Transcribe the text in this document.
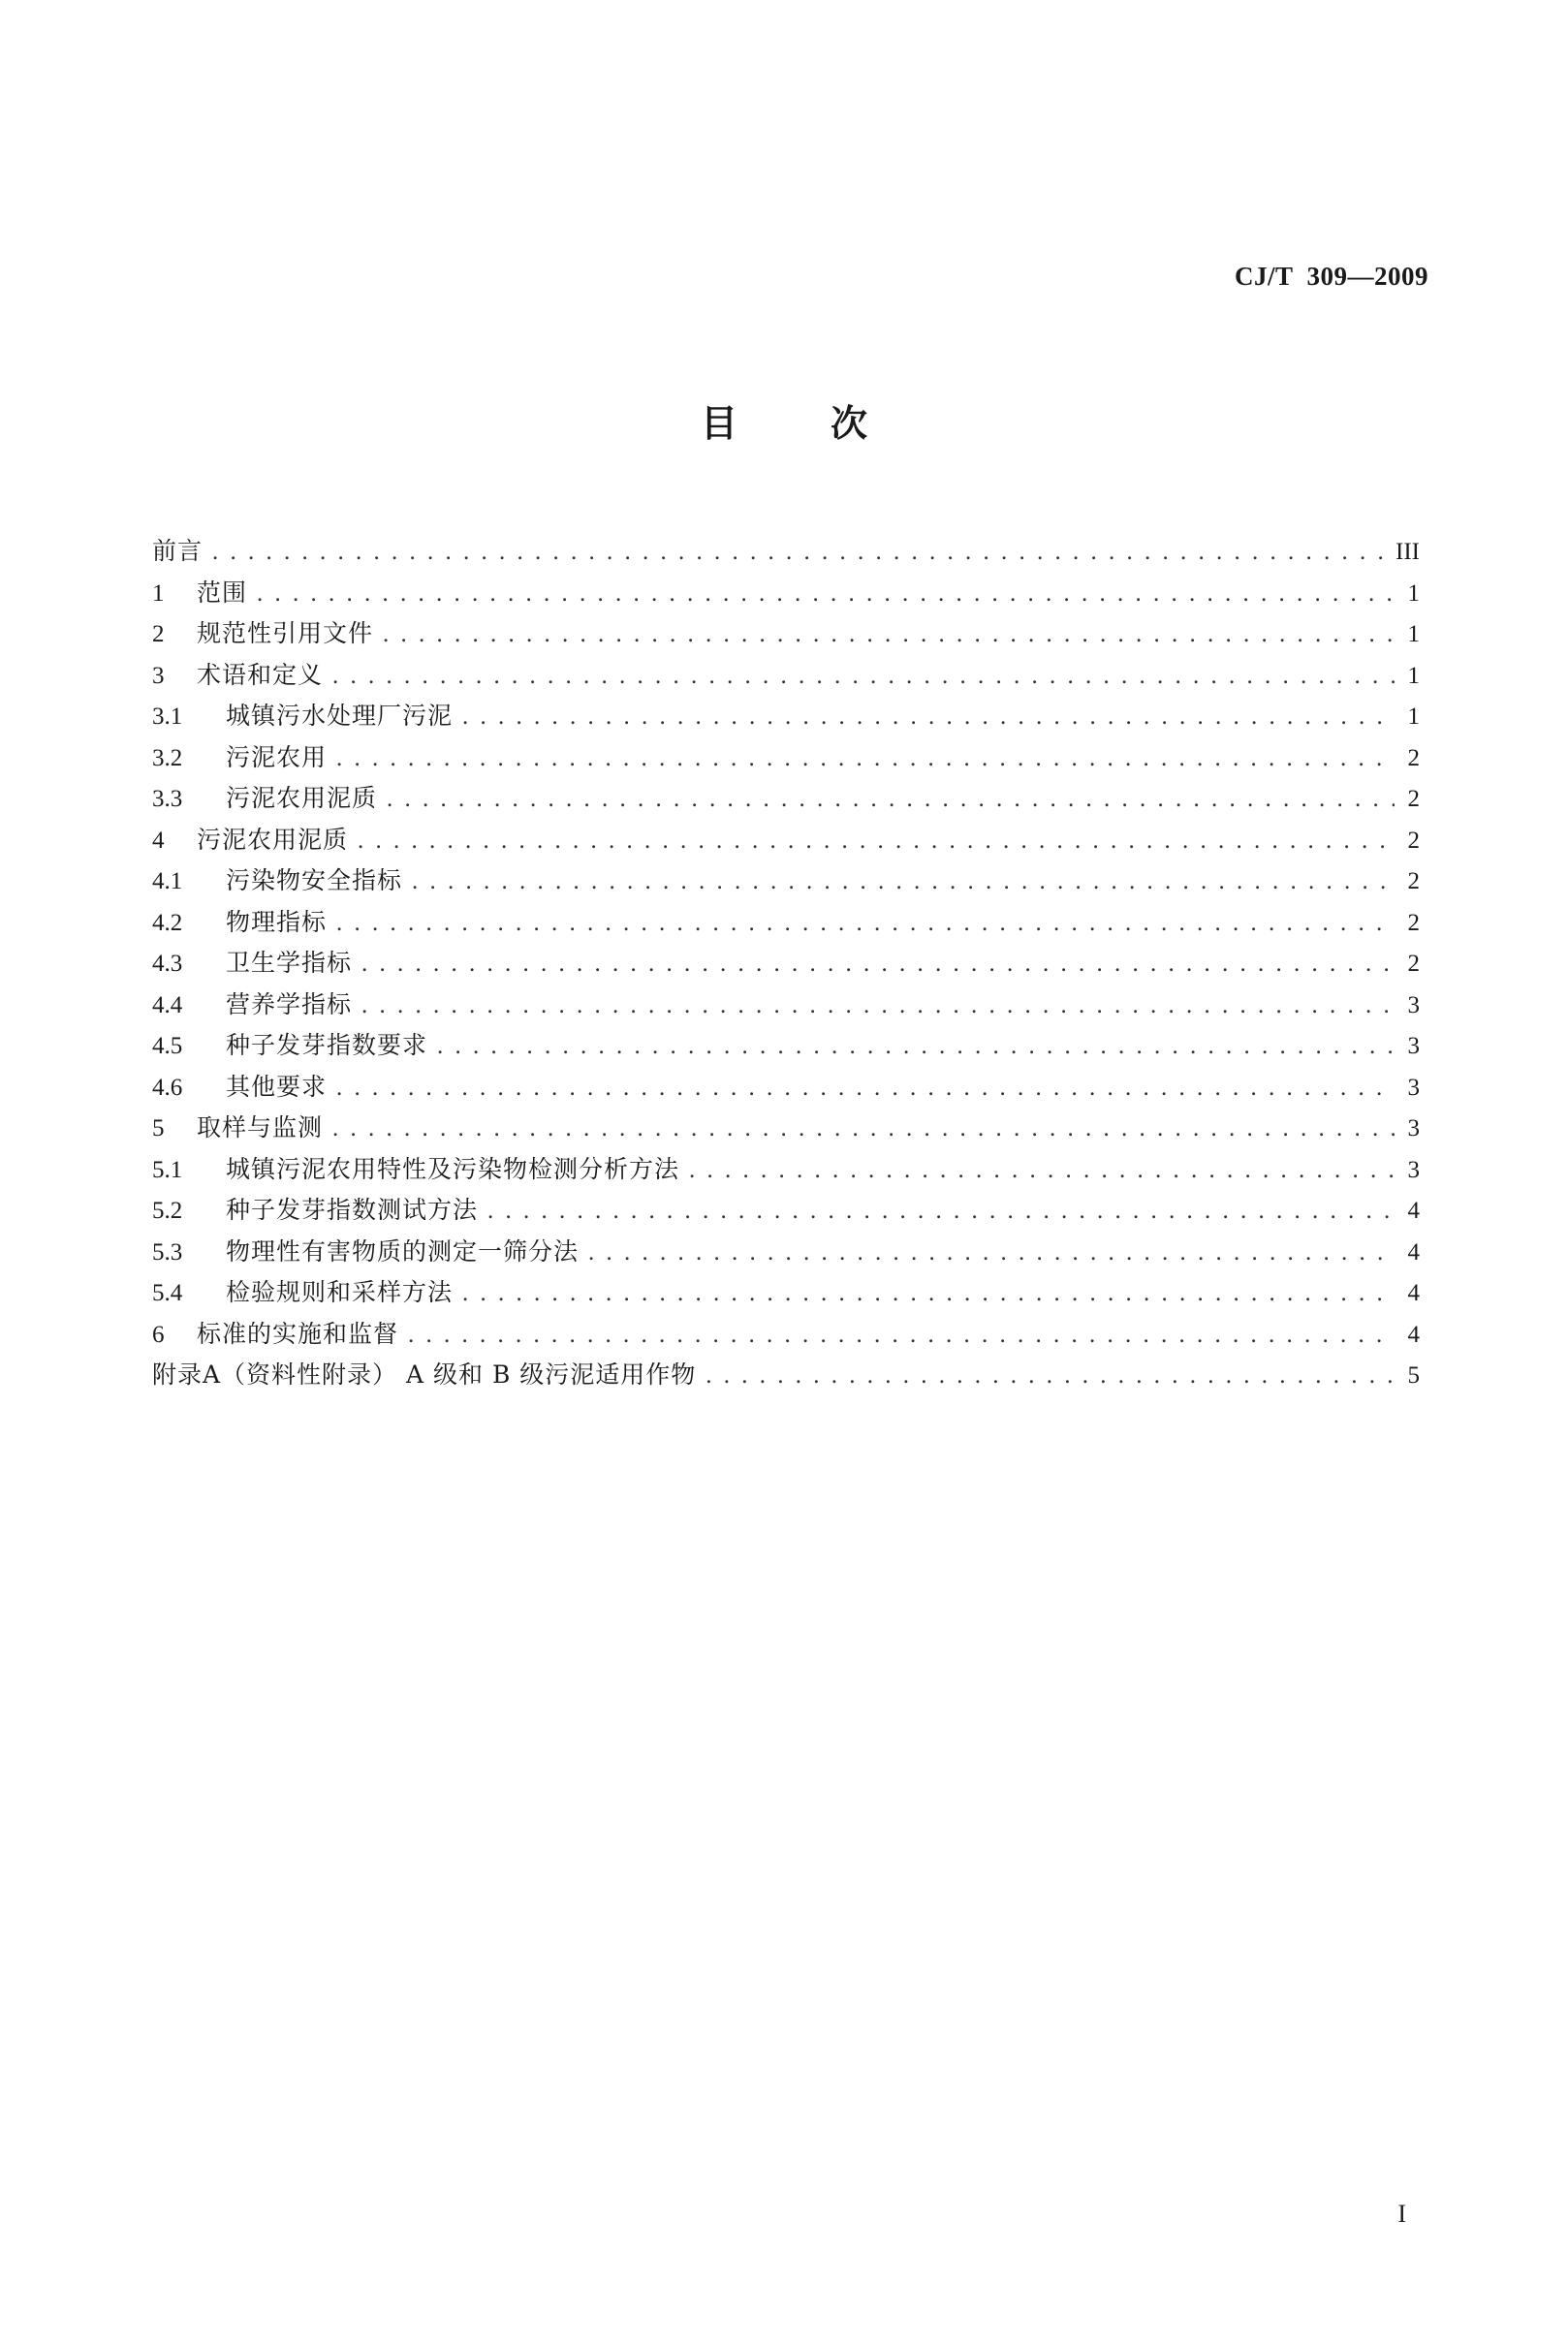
CJ/T  309—2009
目次
前言 . . .	III
1	范围 . . .	1
2	规范性引用文件 . . .	1
3	术语和定义 . . .	1
3.1	城镇污水处理厂污泥 . . .	1
3.2	污泥农用 . . .	2
3.3	污泥农用泥质 . . .	2
4	污泥农用泥质 . . .	2
4.1	污染物安全指标 . . .	2
4.2	物理指标 . . .	2
4.3	卫生学指标 . . .	2
4.4	营养学指标 . . .	3
4.5	种子发芽指数要求 . . .	3
4.6	其他要求 . . .	3
5	取样与监测 . . .	3
5.1	城镇污泥农用特性及污染物检测分析方法 . . .	3
5.2	种子发芽指数测试方法 . . .	4
5.3	物理性有害物质的测定一筛分法 . . .	4
5.4	检验规则和采样方法 . . .	4
6	标准的实施和监督 . . .	4
附录A（资料性附录） A 级和 B 级污泥适用作物 . . .	5
I
